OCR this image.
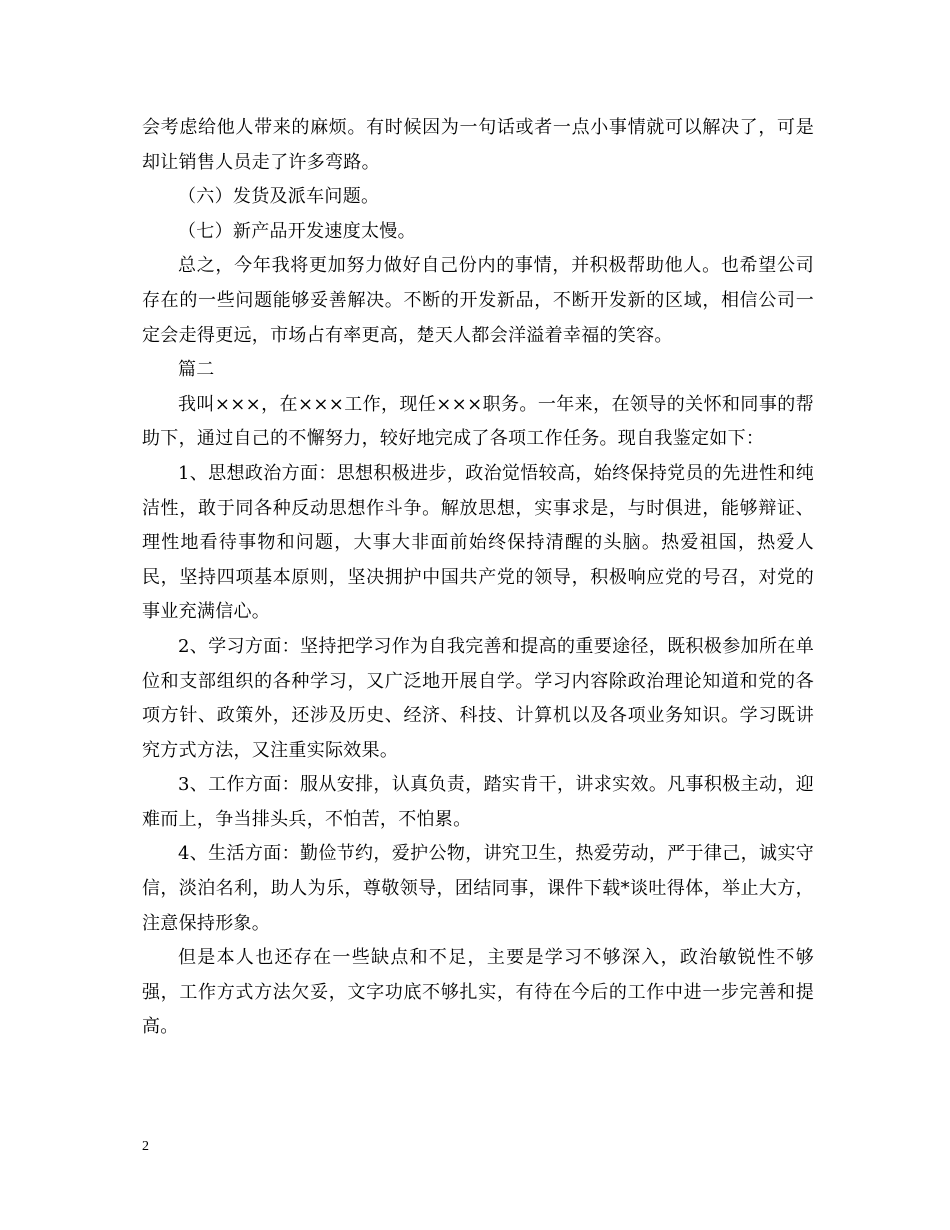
会考虑给他人带来的麻烦。有时候因为一句话或者一点小事情就可以解决了，可是却让销售人员走了许多弯路。

（六）发货及派车问题。

（七）新产品开发速度太慢。

总之，今年我将更加努力做好自己份内的事情，并积极帮助他人。也希望公司存在的一些问题能够妥善解决。不断的开发新品，不断开发新的区域，相信公司一定会走得更远，市场占有率更高，楚天人都会洋溢着幸福的笑容。

篇二

我叫×××，在×××工作，现任×××职务。一年来，在领导的关怀和同事的帮助下，通过自己的不懈努力，较好地完成了各项工作任务。现自我鉴定如下：

1、思想政治方面：思想积极进步，政治觉悟较高，始终保持党员的先进性和纯洁性，敢于同各种反动思想作斗争。解放思想，实事求是，与时俱进，能够辩证、理性地看待事物和问题，大事大非面前始终保持清醒的头脑。热爱祖国，热爱人民，坚持四项基本原则，坚决拥护中国共产党的领导，积极响应党的号召，对党的事业充满信心。

2、学习方面：坚持把学习作为自我完善和提高的重要途径，既积极参加所在单位和支部组织的各种学习，又广泛地开展自学。学习内容除政治理论知道和党的各项方针、政策外，还涉及历史、经济、科技、计算机以及各项业务知识。学习既讲究方式方法，又注重实际效果。

3、工作方面：服从安排，认真负责，踏实肯干，讲求实效。凡事积极主动，迎难而上，争当排头兵，不怕苦，不怕累。

4、生活方面：勤俭节约，爱护公物，讲究卫生，热爱劳动，严于律己，诚实守信，淡泊名利，助人为乐，尊敬领导，团结同事，课件下载*谈吐得体，举止大方，注意保持形象。

但是本人也还存在一些缺点和不足，主要是学习不够深入，政治敏锐性不够强，工作方式方法欠妥，文字功底不够扎实，有待在今后的工作中进一步完善和提高。

2
